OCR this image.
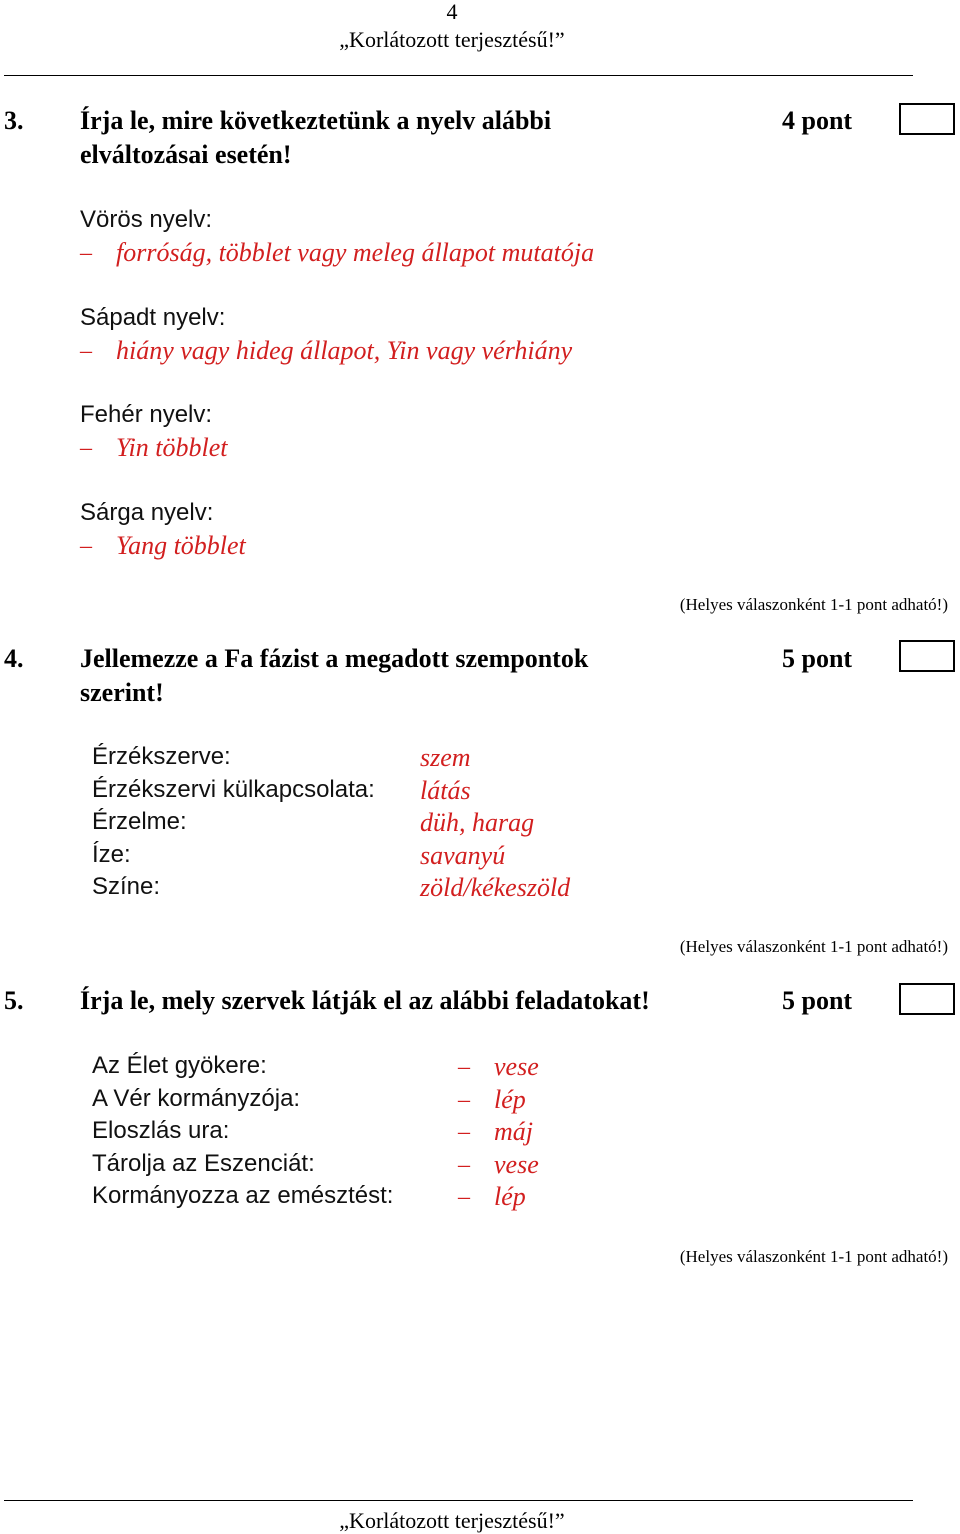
4
„Korlátozott terjesztésű!”
3. Írja le, mire következtetünk a nyelv alábbi
elváltozásai esetén!
4 pont
Vörös nyelv:
– forróság, többlet vagy meleg állapot mutatója
Sápadt nyelv:
– hiány vagy hideg állapot, Yin vagy vérhiány
Fehér nyelv:
– Yin többlet
Sárga nyelv:
– Yang többlet
(Helyes válaszonként 1-1 pont adható!)
4. Jellemezze a Fa fázist a megadott szempontok
szerint!
5 pont
Érzékszerve:	szem
Érzékszervi külkapcsolata: látás
Érzelme:	düh, harag
Íze:	savanyú
Színe:	zöld/kékeszöld
(Helyes válaszonként 1-1 pont adható!)
5. Írja le, mely szervek látják el az alábbi feladatokat!	5 pont
Az Élet gyökere:	– vese
A Vér kormányzója:	– lép
Eloszlás ura:	– máj
Tárolja az Eszenciát:	– vese
Kormányozza az emésztést:	– lép
(Helyes válaszonként 1-1 pont adható!)
„Korlátozott terjesztésű!”
